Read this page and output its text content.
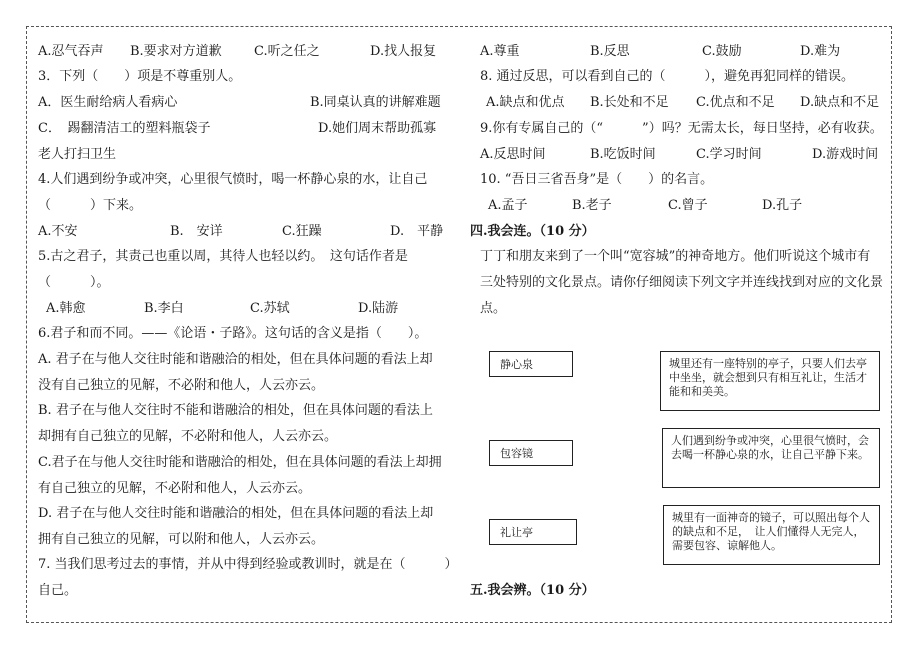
A.忍气吞声 B.要求对方道歉 C.听之任之	D.找人报复
3．下列（　　）项是不尊重别人。
A．医生耐给病人看病心	B.同桌认真的讲解难题
C．　踢翻清洁工的塑料瓶袋子	D.她们周末帮助孤寡
老人打扫卫生
4.人们遇到纷争或冲突，心里很气愤时，喝一杯静心泉的水，让自己
（　　　）下来。
A.不安	B.　安详	C.狂躁	D.　平静
5.古之君子，其责己也重以周，其待人也轻以约。　这句话作者是
（　　　）。
A.韩愈	B.李白	C.苏轼	D.陆游
6.君子和而不同。——《论语・子路》。这句话的含义是指（　　）。
A. 君子在与他人交往时能和谐融洽的相处，但在具体问题的看法上却
没有自己独立的见解，不必附和他人，人云亦云。
B. 君子在与他人交往时不能和谐融洽的相处，但在具体问题的看法上
却拥有自己独立的见解，不必附和他人，人云亦云。
C.君子在与他人交往时能和谐融洽的相处，但在具体问题的看法上却拥
有自己独立的见解，不必附和他人，人云亦云。
D. 君子在与他人交往时能和谐融洽的相处，但在具体问题的看法上却
拥有自己独立的见解，可以附和他人，人云亦云。
7. 当我们思考过去的事情，并从中得到经验或教训时，就是在（　　　）
自己。
A.尊重	B.反思	C.鼓励	D.难为
8. 通过反思，可以看到自己的（　　　），避免再犯同样的错误。
A.缺点和优点 B.长处和不足 C.优点和不足 D.缺点和不足
9.你有专属自己的（“　　　”）吗？无需太长，每日坚持，必有收获。
A.反思时间	B.吃饭时间	C.学习时间	D.游戏时间
10. “吾日三省吾身”是（　　）的名言。
A.孟子	B.老子	C.曾子	D.孔子
四.我会连。（10 分）
丁丁和朋友来到了一个叫“宽容城”的神奇地方。他们听说这个城市有
三处特别的文化景点。请你仔细阅读下列文字并连线找到对应的文化景
点。
静心泉
包容镜
礼让亭
城里还有一座特别的亭子，只要人们去亭中坐坐，就会想到只有相互礼让，生活才能和和美美。
人们遇到纷争或冲突，心里很气愤时，会去喝一杯静心泉的水，让自己平静下来。
城里有一面神奇的镜子，可以照出每个人的缺点和不足，　让人们懂得人无完人，需要包容、谅解他人。
五.我会辨。（10 分）
